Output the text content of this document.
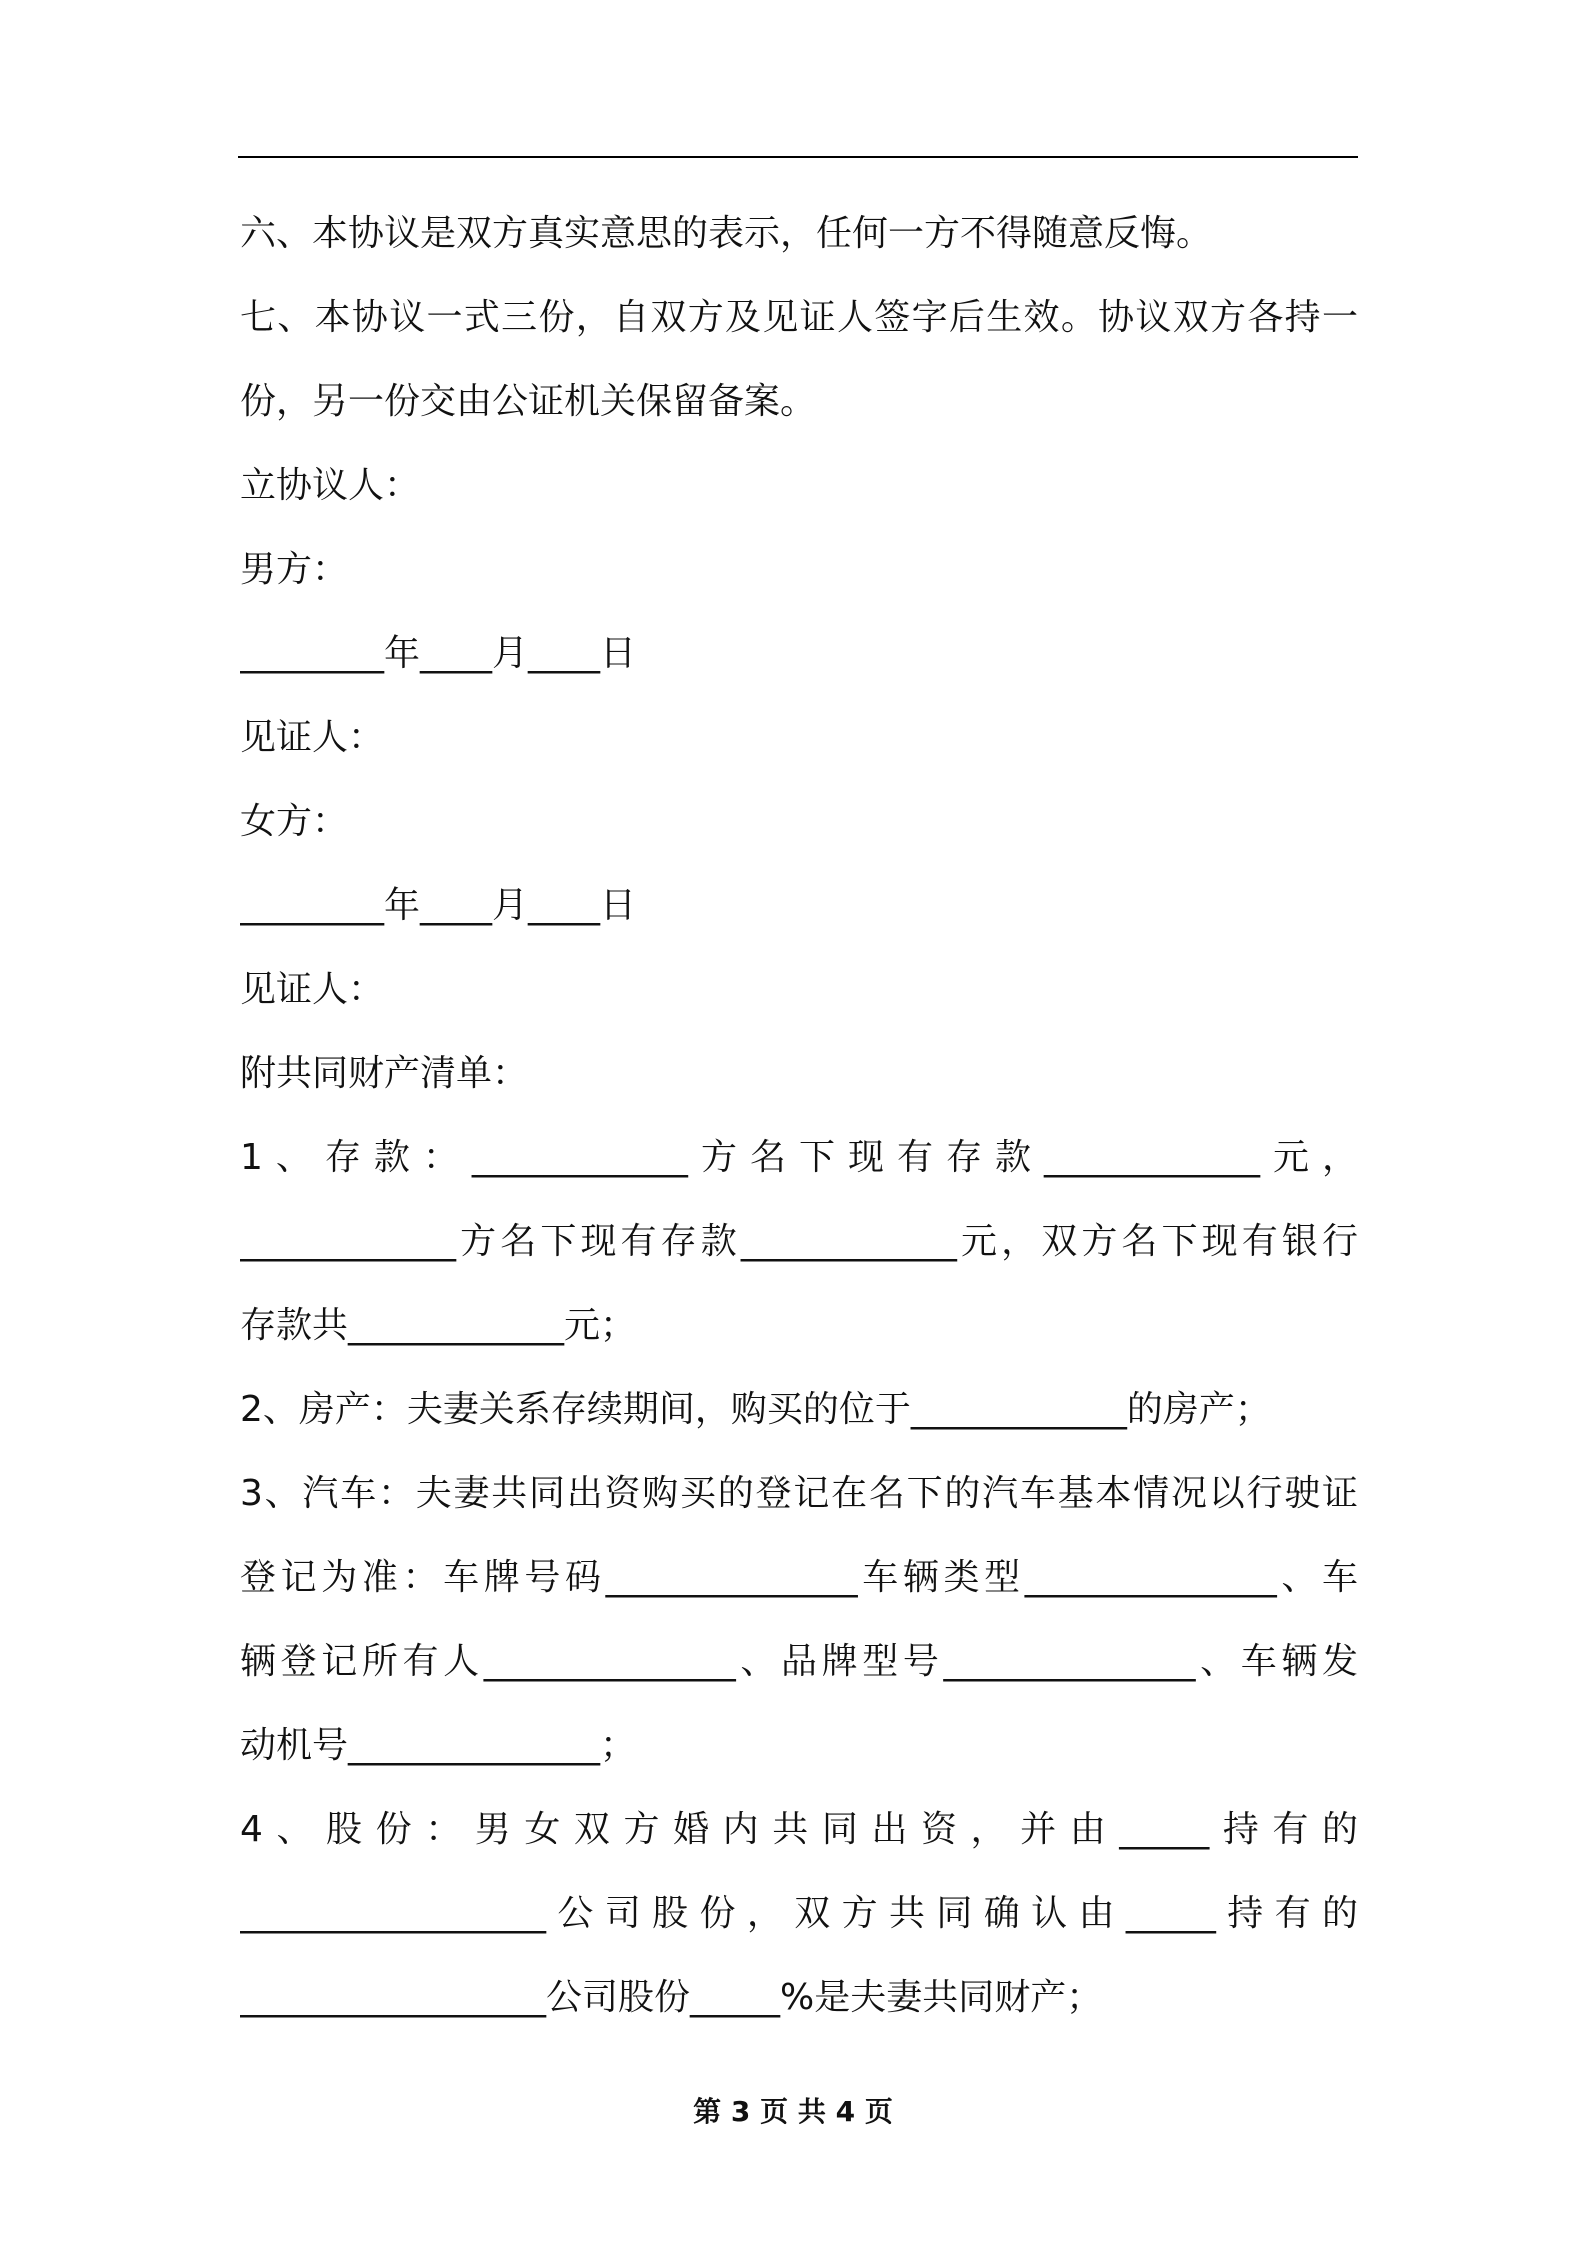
六、本协议是双方真实意思的表示，任何一方不得随意反悔。
七、本协议一式三份，自双方及见证人签字后生效。协议双方各持一
份，另一份交由公证机关保留备案。
立协议人：
男方：
________年____月____日
见证人：
女方：
________年____月____日
见证人：
附共同财产清单：
1、存款：____________方名下现有存款____________元，
____________方名下现有存款____________元，双方名下现有银行
存款共____________元；
2、房产：夫妻关系存续期间，购买的位于____________的房产；
3、汽车：夫妻共同出资购买的登记在名下的汽车基本情况以行驶证
登记为准：车牌号码______________车辆类型______________、车
辆登记所有人______________、品牌型号______________、车辆发
动机号______________；
4、股份：男女双方婚内共同出资，并由_____持有的
_________________公司股份，双方共同确认由_____持有的
_________________公司股份_____%是夫妻共同财产；
第 3 页 共 4 页
